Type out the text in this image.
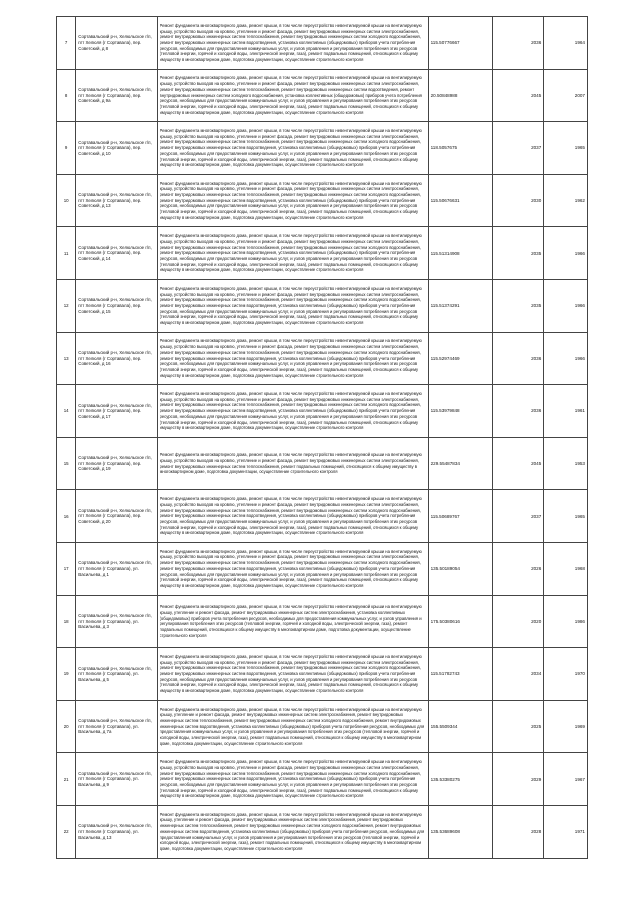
7	Сортавальский р-н, Хелюльское г/п, пгт Хелюля (г Сортавала), пер. Советский, д 8	Ремонт фундамента многоквартирного дома, ремонт крыши, в том числе переустройство невентилируемой крыши на вентилируемую крышу, устройство выходов на кровлю, утепление и ремонт фасада, ремонт внутридомовых инженерных систем электроснабжения, ремонт внутридомовых инженерных систем теплоснабжения, ремонт внутридомовых инженерных систем холодного водоснабжения, ремонт внутридомовых инженерных систем водоотведения, установка коллективных (общедомовых) приборов учета потребления ресурсов, необходимых для предоставления коммунальных услуг, и узлов управления и регулирования потребления этих ресурсов (тепловой энергии, горячей и холодной воды, электрической энергии, газа), ремонт подвальных помещений, относящихся к общему имуществу в многоквартирном доме, подготовка документации, осуществление строительного контроля	115.50776667	2036	1964
8	Сортавальский р-н, Хелюльское г/п, пгт Хелюля (г Сортавала), пер. Советский, д 9а	Ремонт фундамента многоквартирного дома, ремонт крыши, в том числе переустройство невентилируемой крыши на вентилируемую крышу, устройство выходов на кровлю, утепление и ремонт фасада, ремонт внутридомовых инженерных систем электроснабжения, ремонт внутридомовых инженерных систем теплоснабжения, ремонт внутридомовых инженерных систем водоотведения, ремонт внутридомовых инженерных систем холодного водоснабжения, установка коллективных (общедомовых) приборов учета потребления ресурсов, необходимых для предоставления коммунальных услуг, и узлов управления и регулирования потребления этих ресурсов (тепловой энергии, горячей и холодной воды, электрической энергии, газа), ремонт подвальных помещений, относящихся к общему имуществу в многоквартирном доме, подготовка документации, осуществление строительного контроля	20.50848988	2045	2007
9	Сортавальский р-н, Хелюльское г/п, пгт Хелюля (г Сортавала), пер. Советский, д 10	Ремонт фундамента многоквартирного дома, ремонт крыши, в том числе переустройство невентилируемой крыши на вентилируемую крышу, устройство выходов на кровлю, утепление и ремонт фасада, ремонт внутридомовых инженерных систем электроснабжения, ремонт внутридомовых инженерных систем теплоснабжения, ремонт внутридомовых инженерных систем холодного водоснабжения, ремонт внутридомовых инженерных систем водоотведения, установка коллективных (общедомовых) приборов учета потребления ресурсов, необходимых для предоставления коммунальных услуг, и узлов управления и регулирования потребления этих ресурсов (тепловой энергии, горячей и холодной воды, электрической энергии, газа), ремонт подвальных помещений, относящихся к общему имуществу в многоквартирном доме, подготовка документации, осуществление строительного контроля	118.5057675	2037	1965
10	Сортавальский р-н, Хелюльское г/п, пгт Хелюля (г Сортавала), пер. Советский, д 13	Ремонт фундамента многоквартирного дома, ремонт крыши, в том числе переустройство невентилируемой крыши на вентилируемую крышу, устройство выходов на кровлю, утепление и ремонт фасада, ремонт внутридомовых инженерных систем электроснабжения, ремонт внутридомовых инженерных систем теплоснабжения, ремонт внутридомовых инженерных систем холодного водоснабжения, ремонт внутридомовых инженерных систем водоотведения, установка коллективных (общедомовых) приборов учета потребления ресурсов, необходимых для предоставления коммунальных услуг, и узлов управления и регулирования потребления этих ресурсов (тепловой энергии, горячей и холодной воды, электрической энергии, газа), ремонт подвальных помещений, относящихся к общему имуществу в многоквартирном доме, подготовка документации, осуществление строительного контроля	115.50676631	2030	1962
11	Сортавальский р-н, Хелюльское г/п, пгт Хелюля (г Сортавала), пер. Советский, д 14	Ремонт фундамента многоквартирного дома, ремонт крыши, в том числе переустройство невентилируемой крыши на вентилируемую крышу, устройство выходов на кровлю, утепление и ремонт фасада, ремонт внутридомовых инженерных систем электроснабжения, ремонт внутридомовых инженерных систем теплоснабжения, ремонт внутридомовых инженерных систем холодного водоснабжения, ремонт внутридомовых инженерных систем водоотведения, установка коллективных (общедомовых) приборов учета потребления ресурсов, необходимых для предоставления коммунальных услуг, и узлов управления и регулирования потребления этих ресурсов (тепловой энергии, горячей и холодной воды, электрической энергии, газа), ремонт подвальных помещений, относящихся к общему имуществу в многоквартирном доме, подготовка документации, осуществление строительного контроля	115.51314908	2035	1966
12	Сортавальский р-н, Хелюльское г/п, пгт Хелюля (г Сортавала), пер. Советский, д 15	Ремонт фундамента многоквартирного дома, ремонт крыши, в том числе переустройство невентилируемой крыши на вентилируемую крышу, устройство выходов на кровлю, утепление и ремонт фасада, ремонт внутридомовых инженерных систем электроснабжения, ремонт внутридомовых инженерных систем теплоснабжения, ремонт внутридомовых инженерных систем холодного водоснабжения, ремонт внутридомовых инженерных систем водоотведения, установка коллективных (общедомовых) приборов учета потребления ресурсов, необходимых для предоставления коммунальных услуг, и узлов управления и регулирования потребления этих ресурсов (тепловой энергии, горячей и холодной воды, электрической энергии, газа), ремонт подвальных помещений, относящихся к общему имуществу в многоквартирном доме, подготовка документации, осуществление строительного контроля	115.51374291	2035	1966
13	Сортавальский р-н, Хелюльское г/п, пгт Хелюля (г Сортавала), пер. Советский, д 16	Ремонт фундамента многоквартирного дома, ремонт крыши, в том числе переустройство невентилируемой крыши на вентилируемую крышу, устройство выходов на кровлю, утепление и ремонт фасада, ремонт внутридомовых инженерных систем электроснабжения, ремонт внутридомовых инженерных систем теплоснабжения, ремонт внутридомовых инженерных систем холодного водоснабжения, ремонт внутридомовых инженерных систем водоотведения, установка коллективных (общедомовых) приборов учета потребления ресурсов, необходимых для предоставления коммунальных услуг, и узлов управления и регулирования потребления этих ресурсов (тепловой энергии, горячей и холодной воды, электрической энергии, газа), ремонт подвальных помещений, относящихся к общему имуществу в многоквартирном доме, подготовка документации, осуществление строительного контроля	115.52974469	2036	1966
14	Сортавальский р-н, Хелюльское г/п, пгт Хелюля (г Сортавала), пер. Советский, д 17	Ремонт фундамента многоквартирного дома, ремонт крыши, в том числе переустройство невентилируемой крыши на вентилируемую крышу, устройство выходов на кровлю, утепление и ремонт фасада, ремонт внутридомовых инженерных систем электроснабжения, ремонт внутридомовых инженерных систем теплоснабжения, ремонт внутридомовых инженерных систем холодного водоснабжения, ремонт внутридомовых инженерных систем водоотведения, установка коллективных (общедомовых) приборов учета потребления ресурсов, необходимых для предоставления коммунальных услуг, и узлов управления и регулирования потребления этих ресурсов (тепловой энергии, горячей и холодной воды, электрической энергии, газа), ремонт подвальных помещений, относящихся к общему имуществу в многоквартирном доме, подготовка документации, осуществление строительного контроля	115.53979848	2036	1961
15	Сортавальский р-н, Хелюльское г/п, пгт Хелюля (г Сортавала), пер. Советский, д 19	Ремонт фундамента многоквартирного дома, ремонт крыши, в том числе переустройство невентилируемой крыши на вентилируемую крышу, устройство выходов на кровлю, утепление и ремонт фасада, ремонт внутридомовых инженерных систем электроснабжения, ремонт внутридомовых инженерных систем теплоснабжения, ремонт подвальных помещений, относящихся к общему имуществу в многоквартирном доме, подготовка документации, осуществление строительного контроля	229.55487834	2045	1953
16	Сортавальский р-н, Хелюльское г/п, пгт Хелюля (г Сортавала), пер. Советский, д 20	Ремонт фундамента многоквартирного дома, ремонт крыши, в том числе переустройство невентилируемой крыши на вентилируемую крышу, устройство выходов на кровлю, утепление и ремонт фасада, ремонт внутридомовых инженерных систем электроснабжения, ремонт внутридомовых инженерных систем теплоснабжения, ремонт внутридомовых инженерных систем холодного водоснабжения, ремонт внутридомовых инженерных систем водоотведения, установка коллективных (общедомовых) приборов учета потребления ресурсов, необходимых для предоставления коммунальных услуг, и узлов управления и регулирования потребления этих ресурсов (тепловой энергии, горячей и холодной воды, электрической энергии, газа), ремонт подвальных помещений, относящихся к общему имуществу в многоквартирном доме, подготовка документации, осуществление строительного контроля	115.50689767	2037	1965
17	Сортавальский р-н, Хелюльское г/п, пгт Хелюля (г Сортавала), ул. Васильева, д 1	Ремонт фундамента многоквартирного дома, ремонт крыши, в том числе переустройство невентилируемой крыши на вентилируемую крышу, устройство выходов на кровлю, утепление и ремонт фасада, ремонт внутридомовых инженерных систем электроснабжения, ремонт внутридомовых инженерных систем теплоснабжения, ремонт внутридомовых инженерных систем холодного водоснабжения, ремонт внутридомовых инженерных систем водоотведения, установка коллективных (общедомовых) приборов учета потребления ресурсов, необходимых для предоставления коммунальных услуг, и узлов управления и регулирования потребления этих ресурсов (тепловой энергии, горячей и холодной воды, электрической энергии, газа), ремонт подвальных помещений, относящихся к общему имуществу в многоквартирном доме, подготовка документации, осуществление строительного контроля	135.50189054	2026	1968
18	Сортавальский р-н, Хелюльское г/п, пгт Хелюля (г Сортавала), ул. Васильева, д 3	Ремонт фундамента многоквартирного дома, ремонт крыши, в том числе переустройство невентилируемой крыши на вентилируемую крышу, утепление и ремонт фасада, ремонт внутридомовых инженерных систем электроснабжения, установка коллективных (общедомовых) приборов учета потребления ресурсов, необходимых для предоставления коммунальных услуг, и узлов управления и регулирования потребления этих ресурсов (тепловой энергии, горячей и холодной воды, электрической энергии, газа), ремонт подвальных помещений, относящихся к общему имуществу в многоквартирном доме, подготовка документации, осуществление строительного контроля	175.50380616	2020	1986
19	Сортавальский р-н, Хелюльское г/п, пгт Хелюля (г Сортавала), ул. Васильева, д 5	Ремонт фундамента многоквартирного дома, ремонт крыши, в том числе переустройство невентилируемой крыши на вентилируемую крышу, устройство выходов на кровлю, утепление и ремонт фасада, ремонт внутридомовых инженерных систем электроснабжения, ремонт внутридомовых инженерных систем теплоснабжения, ремонт внутридомовых инженерных систем холодного водоснабжения, ремонт внутридомовых инженерных систем водоотведения, установка коллективных (общедомовых) приборов учета потребления ресурсов, необходимых для предоставления коммунальных услуг, и узлов управления и регулирования потребления этих ресурсов (тепловой энергии, горячей и холодной воды, электрической энергии, газа), ремонт подвальных помещений, относящихся к общему имуществу в многоквартирном доме, подготовка документации, осуществление строительного контроля	115.51782743	2034	1970
20	Сортавальский р-н, Хелюльское г/п, пгт Хелюля (г Сортавала), ул. Васильева, д 7а	Ремонт фундамента многоквартирного дома, ремонт крыши, в том числе переустройство невентилируемой крыши на вентилируемую крышу, утепление и ремонт фасада, ремонт внутридомовых инженерных систем электроснабжения, ремонт внутридомовых инженерных систем теплоснабжения, ремонт внутридомовых инженерных систем холодного водоснабжения, ремонт внутридомовых инженерных систем водоотведения, установка коллективных (общедомовых) приборов учета потребления ресурсов, необходимых для предоставления коммунальных услуг, и узлов управления и регулирования потребления этих ресурсов (тепловой энергии, горячей и холодной воды, электрической энергии, газа), ремонт подвальных помещений, относящихся к общему имуществу в многоквартирном доме, подготовка документации, осуществление строительного контроля	155.5509344	2025	1969
21	Сортавальский р-н, Хелюльское г/п, пгт Хелюля (г Сортавала), ул. Васильева, д 9	Ремонт фундамента многоквартирного дома, ремонт крыши, в том числе переустройство невентилируемой крыши на вентилируемую крышу, устройство выходов на кровлю, утепление и ремонт фасада, ремонт внутридомовых инженерных систем электроснабжения, ремонт внутридомовых инженерных систем теплоснабжения, ремонт внутридомовых инженерных систем холодного водоснабжения, ремонт внутридомовых инженерных систем водоотведения, установка коллективных (общедомовых) приборов учета потребления ресурсов, необходимых для предоставления коммунальных услуг, и узлов управления и регулирования потребления этих ресурсов (тепловой энергии, горячей и холодной воды, электрической энергии, газа), ремонт подвальных помещений, относящихся к общему имуществу в многоквартирном доме, подготовка документации, осуществление строительного контроля	135.53380275	2029	1967
22	Сортавальский р-н, Хелюльское г/п, пгт Хелюля (г Сортавала), ул. Васильева, д 13	Ремонт фундамента многоквартирного дома, ремонт крыши, в том числе переустройство невентилируемой крыши на вентилируемую крышу, утепление и ремонт фасада, ремонт внутридомовых инженерных систем электроснабжения, ремонт внутридомовых инженерных систем теплоснабжения, ремонт внутридомовых инженерных систем холодного водоснабжения, ремонт внутридомовых инженерных систем водоотведения, установка коллективных (общедомовых) приборов учета потребления ресурсов, необходимых для предоставления коммунальных услуг, и узлов управления и регулирования потребления этих ресурсов (тепловой энергии, горячей и холодной воды, электрической энергии, газа), ремонт подвальных помещений, относящихся к общему имуществу в многоквартирном доме, подготовка документации, осуществление строительного контроля	135.53689608	2028	1971
